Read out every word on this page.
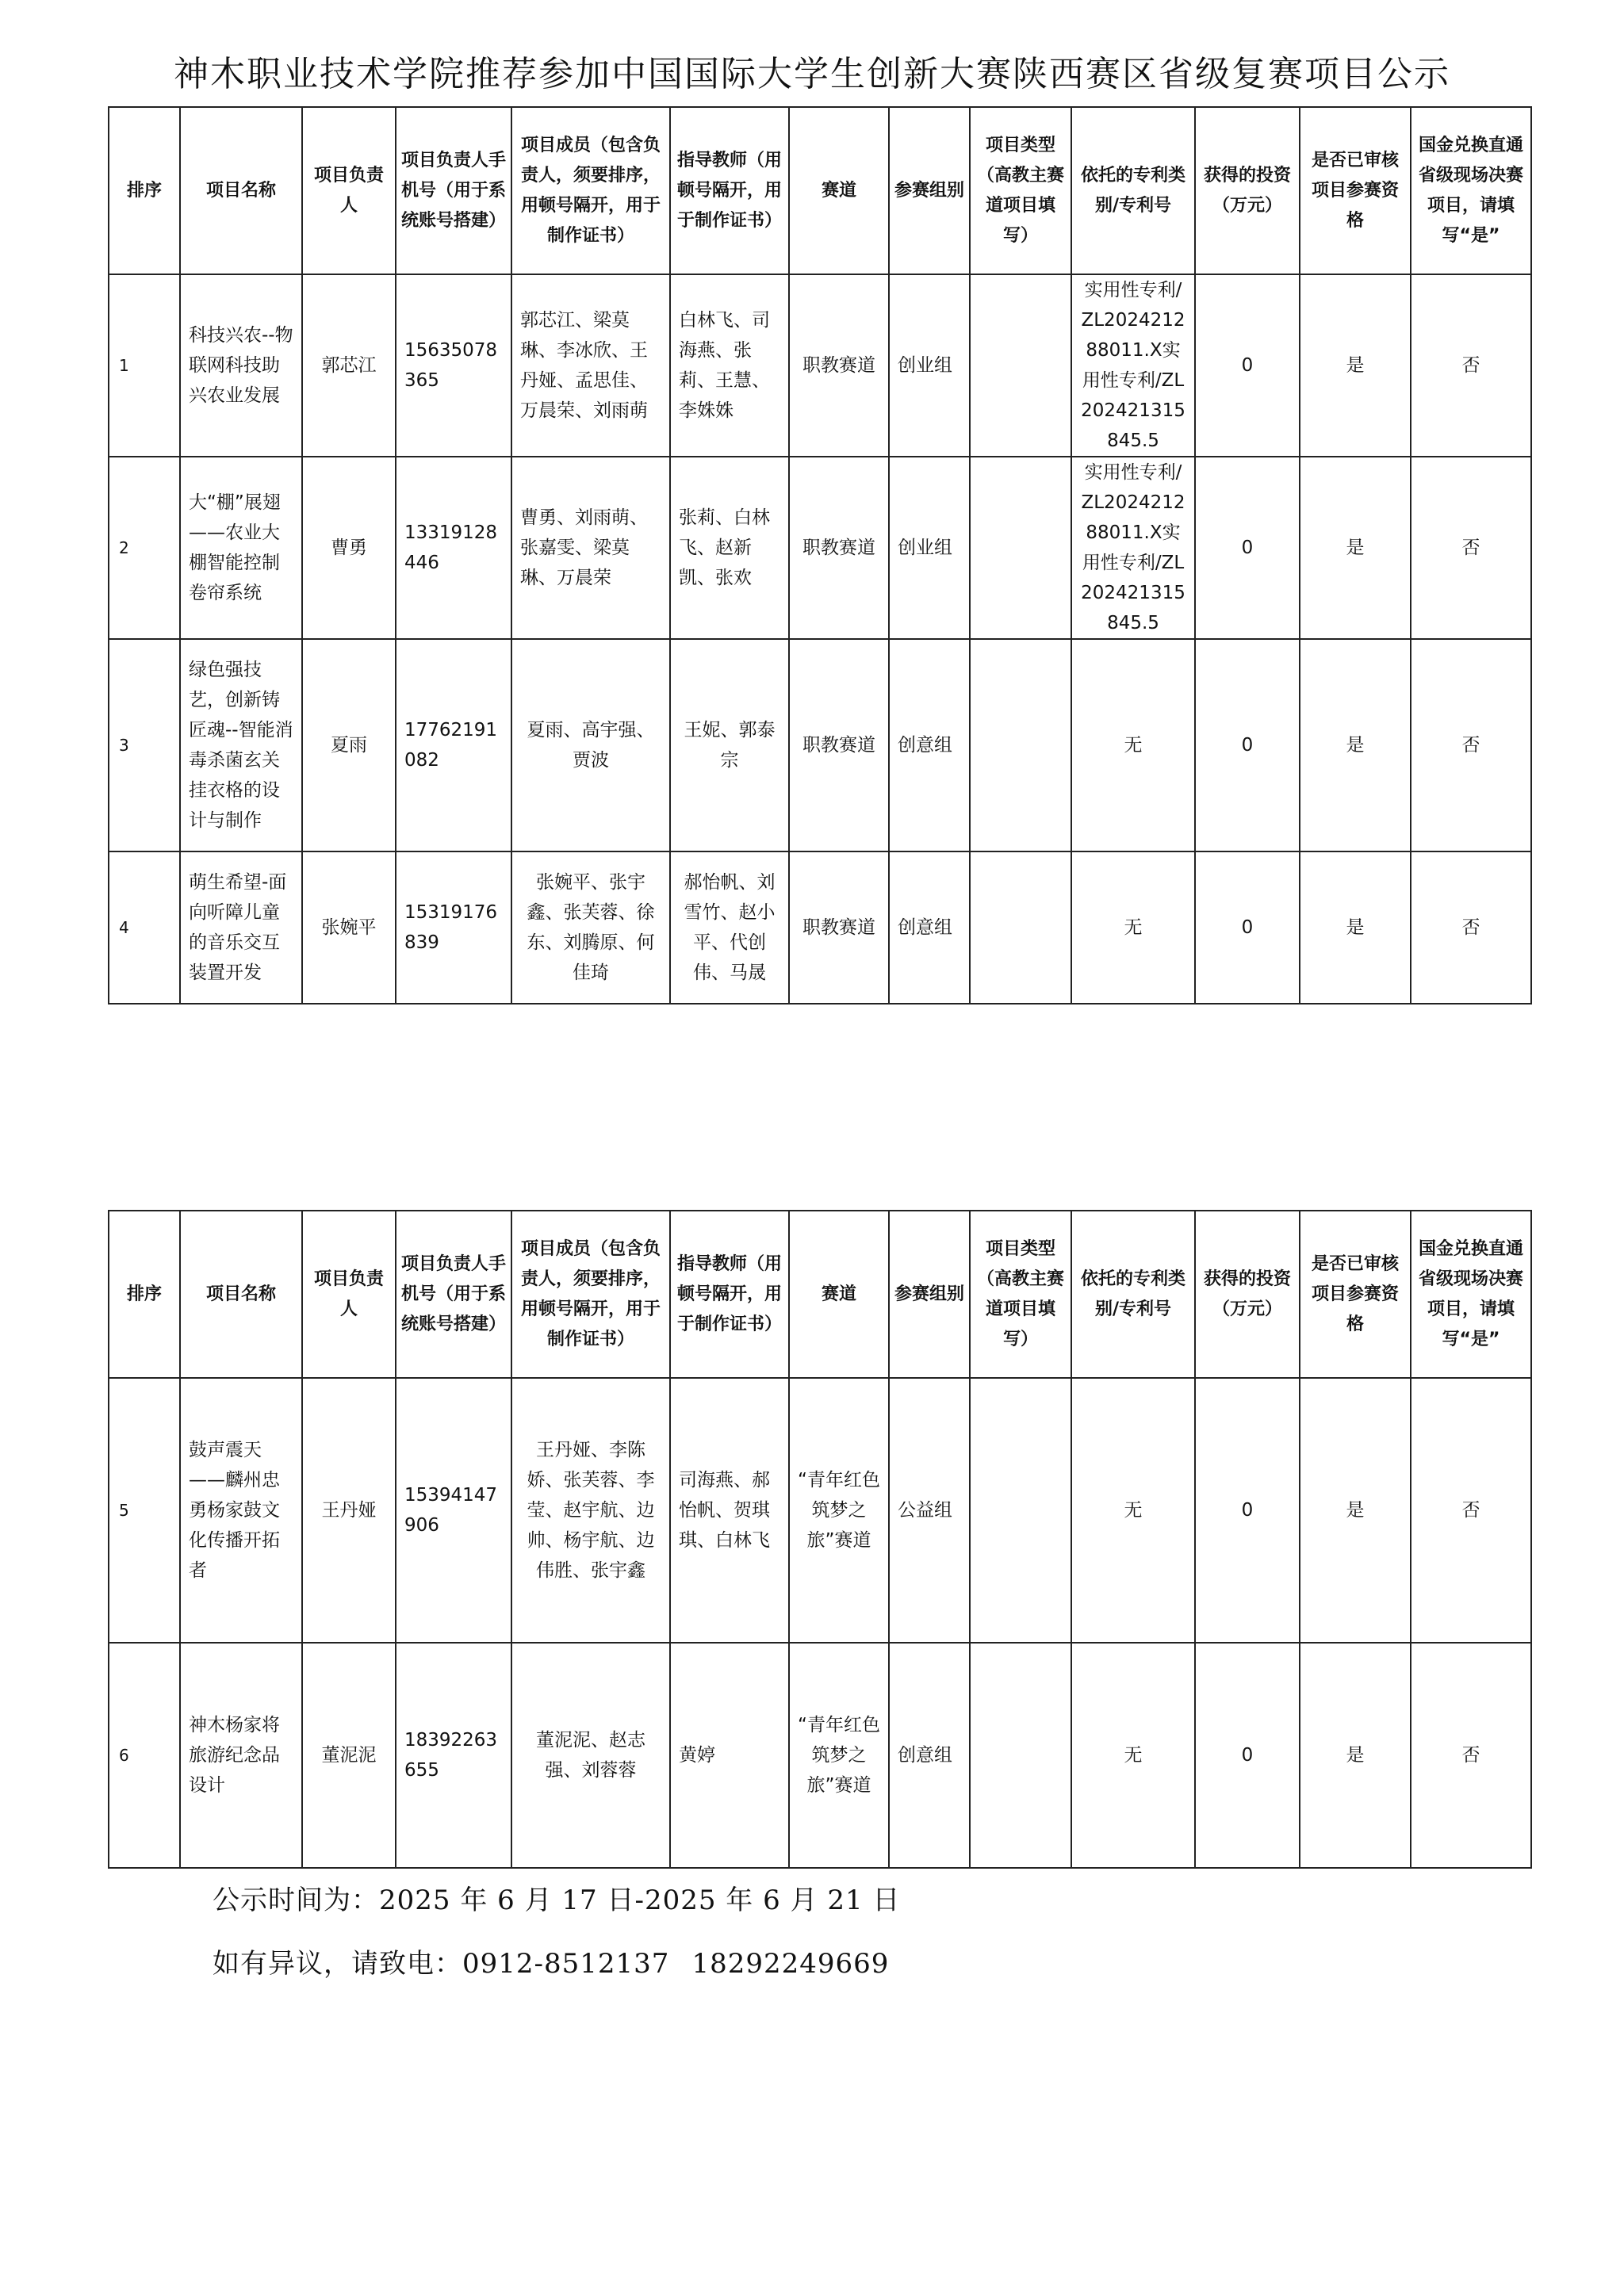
神木职业技术学院推荐参加中国国际大学生创新大赛陕西赛区省级复赛项目公示
排序	项目名称	项目负责人	项目负责人手机号（用于系统账号搭建）	项目成员（包含负责人，须要排序，用顿号隔开，用于制作证书）	指导教师（用顿号隔开，用于制作证书）	赛道	参赛组别	项目类型（高教主赛道项目填写）	依托的专利类别/专利号	获得的投资（万元）	是否已审核项目参赛资格	国金兑换直通省级现场决赛项目，请填写“是”
1	科技兴农--物联网科技助兴农业发展	郭芯江	15635078365	郭芯江、梁莫琳、李冰欣、王丹娅、孟思佳、万晨荣、刘雨萌	白林飞、司海燕、张莉、王慧、李姝姝	职教赛道	创业组		实用性专利/ZL202421288011.X实用性专利/ZL202421315845.5	0	是	否
2	大“棚”展翅——农业大棚智能控制卷帘系统	曹勇	13319128446	曹勇、刘雨萌、张嘉雯、梁莫琳、万晨荣	张莉、白林飞、赵新凯、张欢	职教赛道	创业组		实用性专利/ZL202421288011.X实用性专利/ZL202421315845.5	0	是	否
3	绿色强技艺，创新铸匠魂--智能消毒杀菌玄关挂衣格的设计与制作	夏雨	17762191082	夏雨、高宇强、贾波	王妮、郭泰宗	职教赛道	创意组		无	0	是	否
4	萌生希望-面向听障儿童的音乐交互装置开发	张婉平	15319176839	张婉平、张宇鑫、张芙蓉、徐东、刘腾原、何佳琦	郝怡帆、刘雪竹、赵小平、代创伟、马晟	职教赛道	创意组		无	0	是	否
排序	项目名称	项目负责人	项目负责人手机号（用于系统账号搭建）	项目成员（包含负责人，须要排序，用顿号隔开，用于制作证书）	指导教师（用顿号隔开，用于制作证书）	赛道	参赛组别	项目类型（高教主赛道项目填写）	依托的专利类别/专利号	获得的投资（万元）	是否已审核项目参赛资格	国金兑换直通省级现场决赛项目，请填写“是”
5	鼓声震天——麟州忠勇杨家鼓文化传播开拓者	王丹娅	15394147906	王丹娅、李陈娇、张芙蓉、李莹、赵宇航、边帅、杨宇航、边伟胜、张宇鑫	司海燕、郝怡帆、贺琪琪、白林飞	“青年红色筑梦之旅”赛道	公益组		无	0	是	否
6	神木杨家将旅游纪念品设计	董泥泥	18392263655	董泥泥、赵志强、刘蓉蓉	黄婷	“青年红色筑梦之旅”赛道	创意组		无	0	是	否
公示时间为：2025 年 6 月 17 日-2025 年 6 月 21 日
如有异议，请致电：0912-8512137 18292249669
